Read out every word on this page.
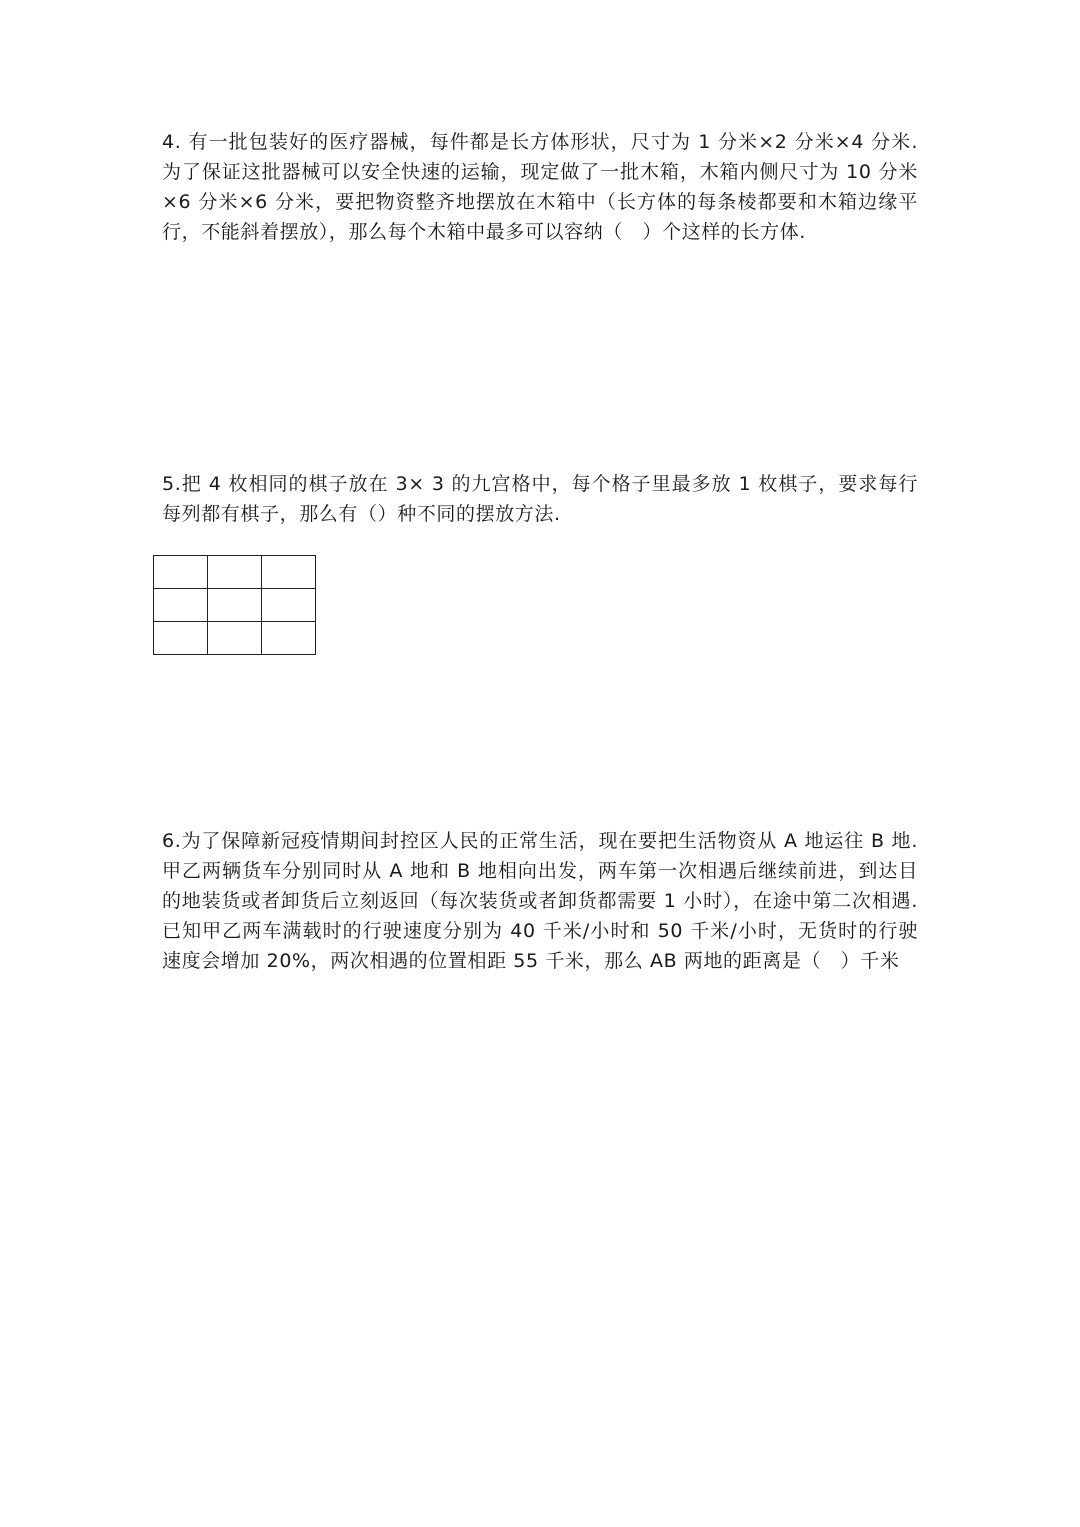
4. 有一批包装好的医疗器械，每件都是长方体形状，尺寸为 1 分米×2 分米×4 分米.为了保证这批器械可以安全快速的运输，现定做了一批木箱，木箱内侧尺寸为 10 分米×6 分米×6 分米，要把物资整齐地摆放在木箱中（长方体的每条棱都要和木箱边缘平行，不能斜着摆放），那么每个木箱中最多可以容纳（　）个这样的长方体.

5.把 4 枚相同的棋子放在 3× 3 的九宫格中，每个格子里最多放 1 枚棋子，要求每行每列都有棋子，那么有（）种不同的摆放方法.

6.为了保障新冠疫情期间封控区人民的正常生活，现在要把生活物资从 A 地运往 B 地.甲乙两辆货车分别同时从 A 地和 B 地相向出发，两车第一次相遇后继续前进，到达目的地装货或者卸货后立刻返回（每次装货或者卸货都需要 1 小时），在途中第二次相遇.已知甲乙两车满载时的行驶速度分别为 40 千米/小时和 50 千米/小时，无货时的行驶速度会增加 20%，两次相遇的位置相距 55 千米，那么 AB 两地的距离是（　）千米
